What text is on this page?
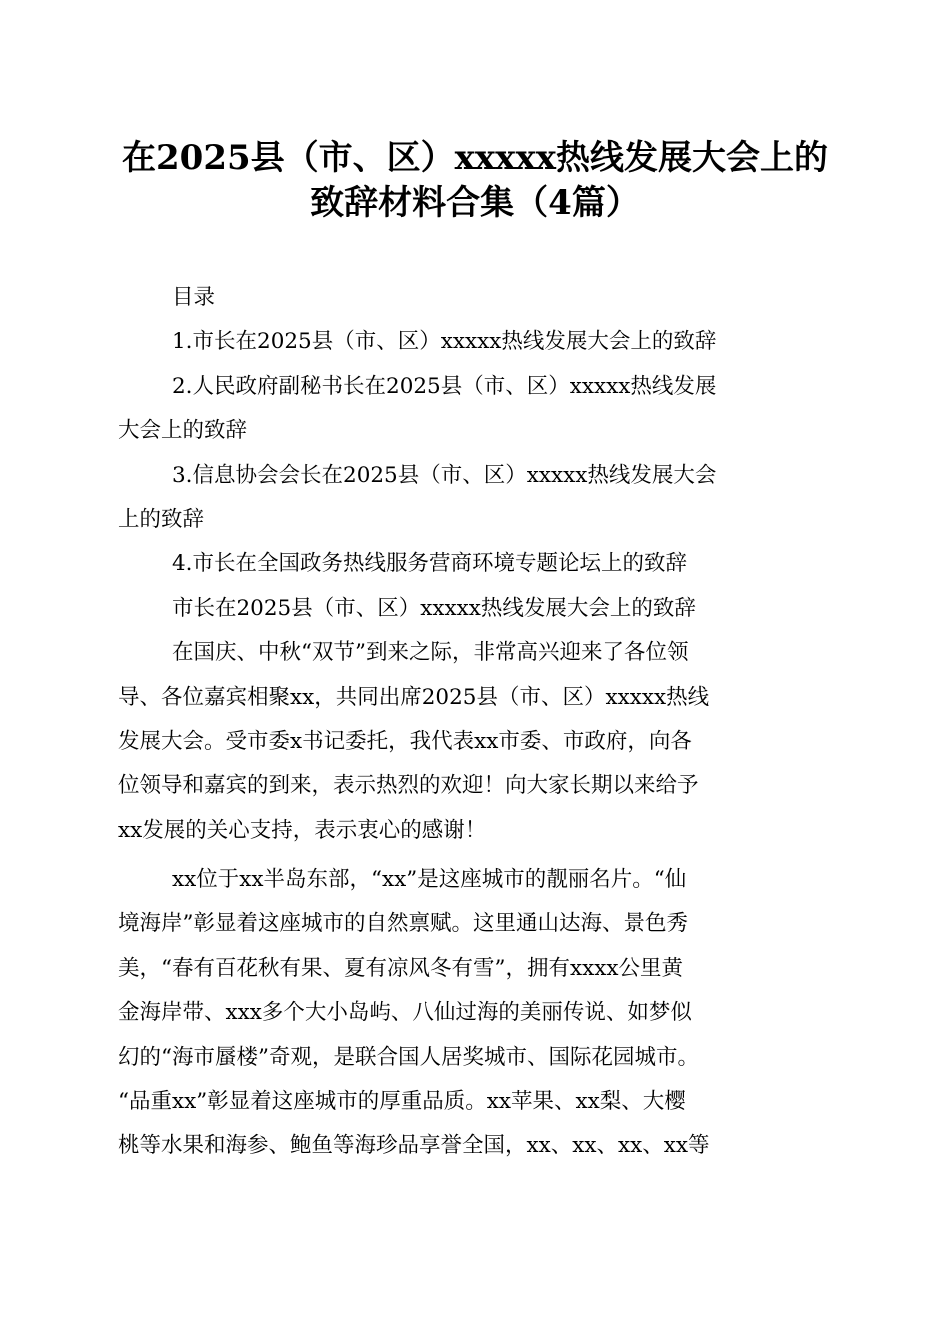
在2025县（市、区）xxxxx热线发展大会上的
致辞材料合集（4篇）
目录
1.市长在2025县（市、区）xxxxx热线发展大会上的致辞
2.人民政府副秘书长在2025县（市、区）xxxxx热线发展
大会上的致辞
3.信息协会会长在2025县（市、区）xxxxx热线发展大会
上的致辞
4.市长在全国政务热线服务营商环境专题论坛上的致辞
市长在2025县（市、区）xxxxx热线发展大会上的致辞
在国庆、中秋“双节”到来之际，非常高兴迎来了各位领
导、各位嘉宾相聚xx，共同出席2025县（市、区）xxxxx热线
发展大会。受市委x书记委托，我代表xx市委、市政府，向各
位领导和嘉宾的到来，表示热烈的欢迎！向大家长期以来给予
xx发展的关心支持，表示衷心的感谢！
xx位于xx半岛东部，“xx”是这座城市的靓丽名片。“仙
境海岸”彰显着这座城市的自然禀赋。这里通山达海、景色秀
美，“春有百花秋有果、夏有凉风冬有雪”，拥有xxxx公里黄
金海岸带、xxx多个大小岛屿、八仙过海的美丽传说、如梦似
幻的“海市蜃楼”奇观，是联合国人居奖城市、国际花园城市。
“品重xx”彰显着这座城市的厚重品质。xx苹果、xx梨、大樱
桃等水果和海参、鲍鱼等海珍品享誉全国，xx、xx、xx、xx等
